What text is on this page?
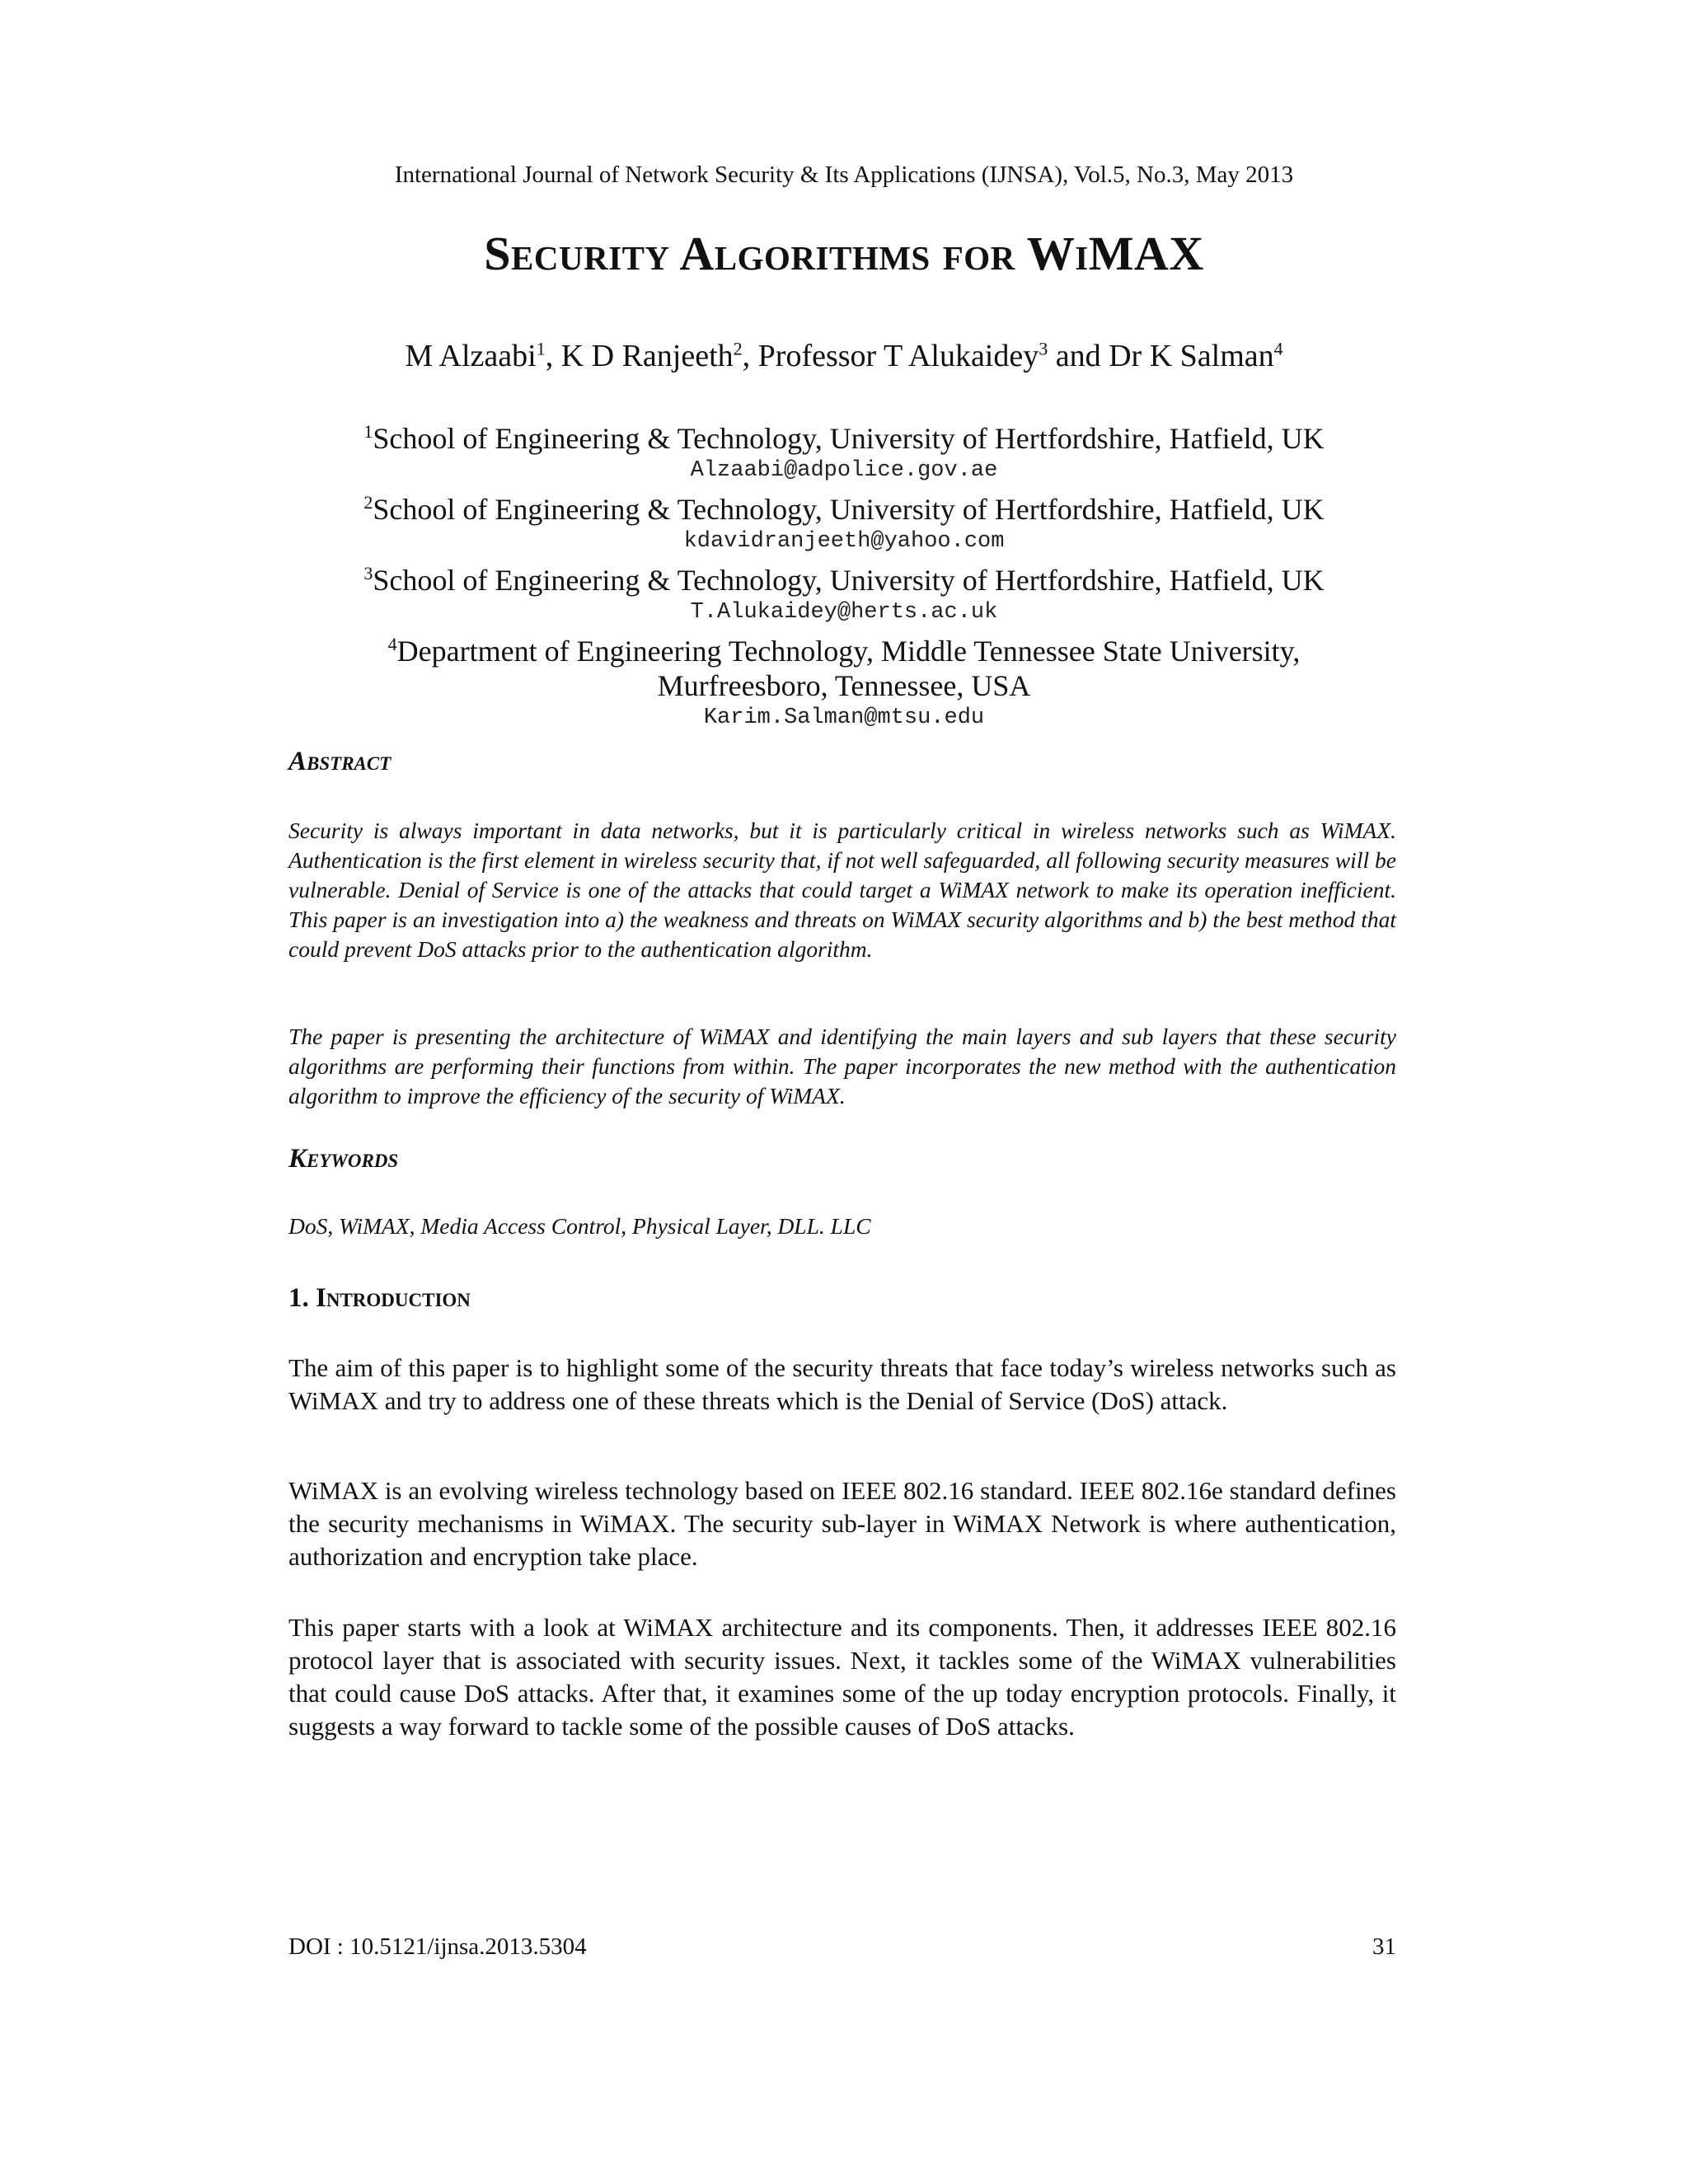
International Journal of Network Security & Its Applications (IJNSA), Vol.5, No.3, May 2013
Security Algorithms for WiMAX
M Alzaabi$^1$, K D Ranjeeth$^2$, Professor T Alukaidey$^3$ and Dr K Salman$^4$
$^1$School of Engineering & Technology, University of Hertfordshire, Hatfield, UK
Alzaabi@adpolice.gov.ae
$^2$School of Engineering & Technology, University of Hertfordshire, Hatfield, UK
kdavidranjeeth@yahoo.com
$^3$School of Engineering & Technology, University of Hertfordshire, Hatfield, UK
T.Alukaidey@herts.ac.uk
$^4$Department of Engineering Technology, Middle Tennessee State University,
Murfreesboro, Tennessee, USA
Karim.Salman@mtsu.edu
Abstract

Security is always important in data networks, but it is particularly critical in wireless networks such as WiMAX. Authentication is the first element in wireless security that, if not well safeguarded, all following security measures will be vulnerable. Denial of Service is one of the attacks that could target a WiMAX network to make its operation inefficient. This paper is an investigation into a) the weakness and threats on WiMAX security algorithms and b) the best method that could prevent DoS attacks prior to the authentication algorithm.

The paper is presenting the architecture of WiMAX and identifying the main layers and sub layers that these security algorithms are performing their functions from within. The paper incorporates the new method with the authentication algorithm to improve the efficiency of the security of WiMAX.

Keywords

DoS, WiMAX, Media Access Control, Physical Layer, DLL. LLC

1. Introduction

The aim of this paper is to highlight some of the security threats that face today’s wireless networks such as WiMAX and try to address one of these threats which is the Denial of Service (DoS) attack.

WiMAX is an evolving wireless technology based on IEEE 802.16 standard. IEEE 802.16e standard defines the security mechanisms in WiMAX. The security sub-layer in WiMAX Network is where authentication, authorization and encryption take place.

This paper starts with a look at WiMAX architecture and its components. Then, it addresses IEEE 802.16 protocol layer that is associated with security issues. Next, it tackles some of the WiMAX vulnerabilities that could cause DoS attacks. After that, it examines some of the up today encryption protocols. Finally, it suggests a way forward to tackle some of the possible causes of DoS attacks.

DOI : 10.5121/ijnsa.2013.5304	31
